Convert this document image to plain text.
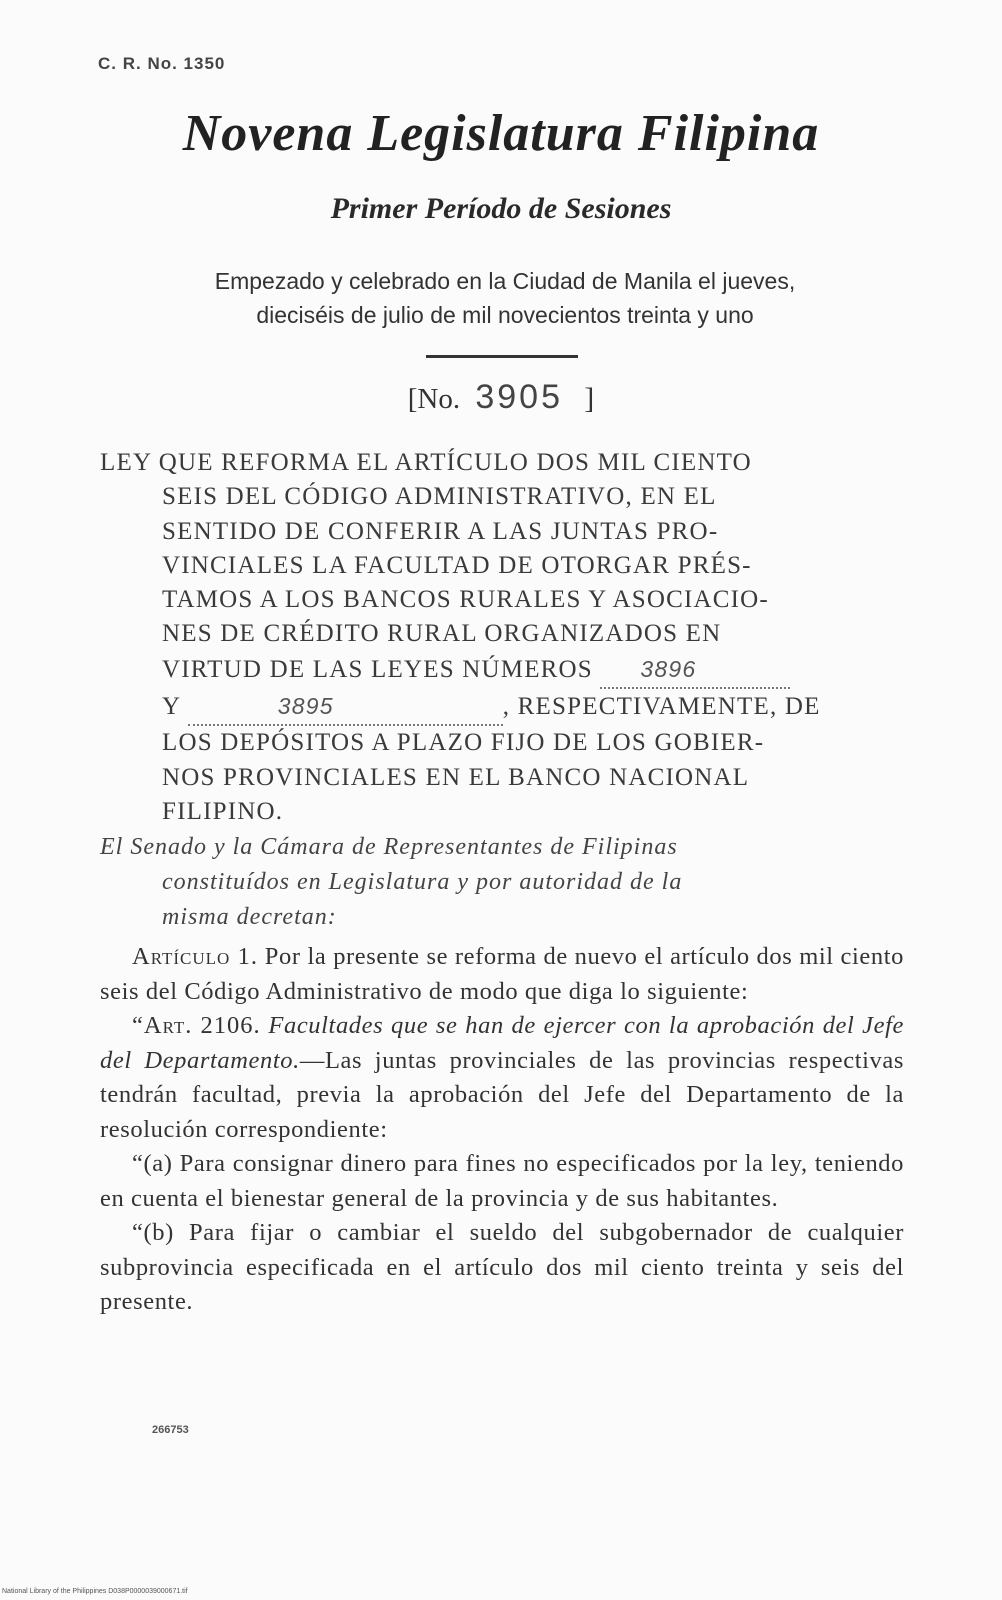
C. R. No. 1350
Novena Legislatura Filipina
Primer Período de Sesiones
Empezado y celebrado en la Ciudad de Manila el jueves,
dieciséis de julio de mil novecientos treinta y uno
[No. 3905 ]
LEY QUE REFORMA EL ARTÍCULO DOS MIL CIENTO
SEIS DEL CÓDIGO ADMINISTRATIVO, EN EL
SENTIDO DE CONFERIR A LAS JUNTAS PRO-
VINCIALES LA FACULTAD DE OTORGAR PRÉS-
TAMOS A LOS BANCOS RURALES Y ASOCIACIO-
NES DE CRÉDITO RURAL ORGANIZADOS EN
VIRTUD DE LAS LEYES NÚMEROS 3896
Y	3895	, RESPECTIVAMENTE, DE
LOS DEPÓSITOS A PLAZO FIJO DE LOS GOBIER-
NOS PROVINCIALES EN EL BANCO NACIONAL
FILIPINO.
El Senado y la Cámara de Representantes de Filipinas
constituídos en Legislatura y por autoridad de la
misma decretan:

Artículo 1. Por la presente se reforma de nuevo el artículo dos mil ciento seis del Código Administrativo de modo que diga lo siguiente:

“Art. 2106. Facultades que se han de ejercer con la aprobación del Jefe del Departamento.—Las juntas provinciales de las provincias respectivas tendrán facultad, previa la aprobación del Jefe del Departamento de la resolución correspondiente:

“(a) Para consignar dinero para fines no especificados por la ley, teniendo en cuenta el bienestar general de la provincia y de sus habitantes.

“(b) Para fijar o cambiar el sueldo del subgobernador de cualquier subprovincia especificada en el artículo dos mil ciento treinta y seis del presente.

266753
National Library of the Philippines D038P0000039000671.tif
